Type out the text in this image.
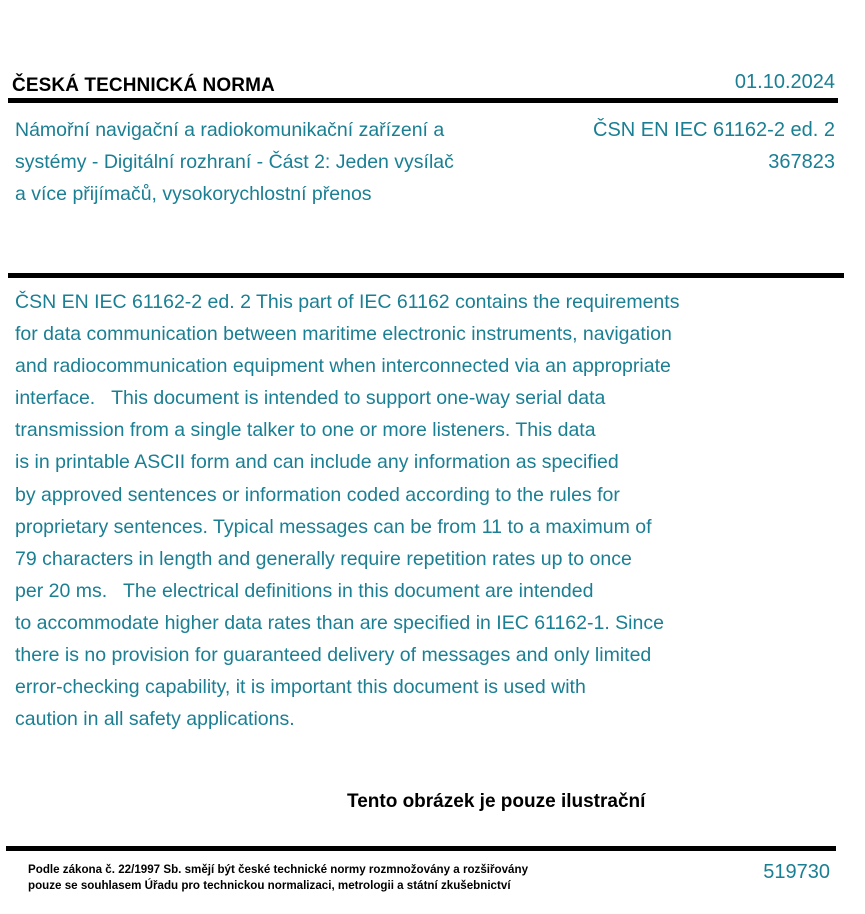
ČESKÁ TECHNICKÁ NORMA	01.10.2024
Námořní navigační a radiokomunikační zařízení a
systémy - Digitální rozhraní - Část 2: Jeden vysílač
a více přijímačů, vysokorychlostní přenos
ČSN EN IEC 61162-2 ed. 2
367823
ČSN EN IEC 61162-2 ed. 2 This part of IEC 61162 contains the requirements
for data communication between maritime electronic instruments, navigation
and radiocommunication equipment when interconnected via an appropriate
interface.   This document is intended to support one-way serial data
transmission from a single talker to one or more listeners. This data
is in printable ASCII form and can include any information as specified
by approved sentences or information coded according to the rules for
proprietary sentences. Typical messages can be from 11 to a maximum of
79 characters in length and generally require repetition rates up to once
per 20 ms.   The electrical definitions in this document are intended
to accommodate higher data rates than are specified in IEC 61162-1. Since
there is no provision for guaranteed delivery of messages and only limited
error-checking capability, it is important this document is used with
caution in all safety applications.
Tento obrázek je pouze ilustrační
Podle zákona č. 22/1997 Sb. smějí být české technické normy rozmnožovány a rozšiřovány
pouze se souhlasem Úřadu pro technickou normalizaci, metrologii a státní zkušebnictví
519730
